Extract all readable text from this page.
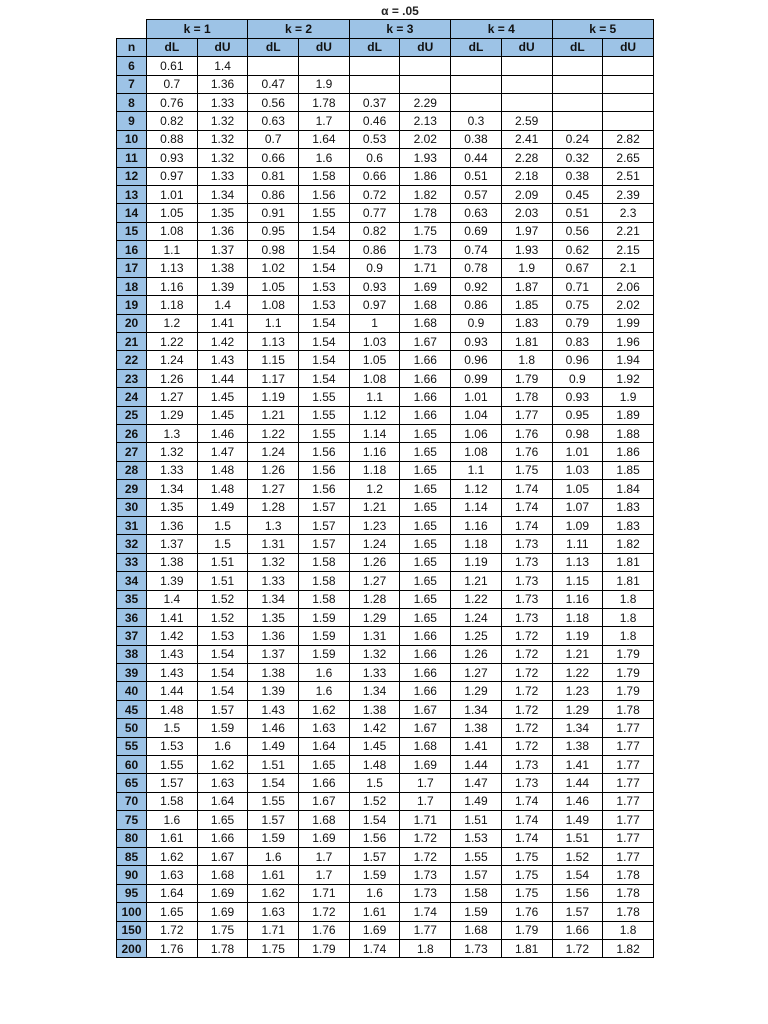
	α = .05									
	k = 1		k = 2		k = 3		k = 4		k = 5	
n	dL	dU	dL	dU	dL	dU	dL	dU	dL	dU
6	0.61	1.4								
7	0.7	1.36	0.47	1.9						
8	0.76	1.33	0.56	1.78	0.37	2.29				
9	0.82	1.32	0.63	1.7	0.46	2.13	0.3	2.59		
10	0.88	1.32	0.7	1.64	0.53	2.02	0.38	2.41	0.24	2.82
11	0.93	1.32	0.66	1.6	0.6	1.93	0.44	2.28	0.32	2.65
12	0.97	1.33	0.81	1.58	0.66	1.86	0.51	2.18	0.38	2.51
13	1.01	1.34	0.86	1.56	0.72	1.82	0.57	2.09	0.45	2.39
14	1.05	1.35	0.91	1.55	0.77	1.78	0.63	2.03	0.51	2.3
15	1.08	1.36	0.95	1.54	0.82	1.75	0.69	1.97	0.56	2.21
16	1.1	1.37	0.98	1.54	0.86	1.73	0.74	1.93	0.62	2.15
17	1.13	1.38	1.02	1.54	0.9	1.71	0.78	1.9	0.67	2.1
18	1.16	1.39	1.05	1.53	0.93	1.69	0.92	1.87	0.71	2.06
19	1.18	1.4	1.08	1.53	0.97	1.68	0.86	1.85	0.75	2.02
20	1.2	1.41	1.1	1.54	1	1.68	0.9	1.83	0.79	1.99
21	1.22	1.42	1.13	1.54	1.03	1.67	0.93	1.81	0.83	1.96
22	1.24	1.43	1.15	1.54	1.05	1.66	0.96	1.8	0.96	1.94
23	1.26	1.44	1.17	1.54	1.08	1.66	0.99	1.79	0.9	1.92
24	1.27	1.45	1.19	1.55	1.1	1.66	1.01	1.78	0.93	1.9
25	1.29	1.45	1.21	1.55	1.12	1.66	1.04	1.77	0.95	1.89
26	1.3	1.46	1.22	1.55	1.14	1.65	1.06	1.76	0.98	1.88
27	1.32	1.47	1.24	1.56	1.16	1.65	1.08	1.76	1.01	1.86
28	1.33	1.48	1.26	1.56	1.18	1.65	1.1	1.75	1.03	1.85
29	1.34	1.48	1.27	1.56	1.2	1.65	1.12	1.74	1.05	1.84
30	1.35	1.49	1.28	1.57	1.21	1.65	1.14	1.74	1.07	1.83
31	1.36	1.5	1.3	1.57	1.23	1.65	1.16	1.74	1.09	1.83
32	1.37	1.5	1.31	1.57	1.24	1.65	1.18	1.73	1.11	1.82
33	1.38	1.51	1.32	1.58	1.26	1.65	1.19	1.73	1.13	1.81
34	1.39	1.51	1.33	1.58	1.27	1.65	1.21	1.73	1.15	1.81
35	1.4	1.52	1.34	1.58	1.28	1.65	1.22	1.73	1.16	1.8
36	1.41	1.52	1.35	1.59	1.29	1.65	1.24	1.73	1.18	1.8
37	1.42	1.53	1.36	1.59	1.31	1.66	1.25	1.72	1.19	1.8
38	1.43	1.54	1.37	1.59	1.32	1.66	1.26	1.72	1.21	1.79
39	1.43	1.54	1.38	1.6	1.33	1.66	1.27	1.72	1.22	1.79
40	1.44	1.54	1.39	1.6	1.34	1.66	1.29	1.72	1.23	1.79
45	1.48	1.57	1.43	1.62	1.38	1.67	1.34	1.72	1.29	1.78
50	1.5	1.59	1.46	1.63	1.42	1.67	1.38	1.72	1.34	1.77
55	1.53	1.6	1.49	1.64	1.45	1.68	1.41	1.72	1.38	1.77
60	1.55	1.62	1.51	1.65	1.48	1.69	1.44	1.73	1.41	1.77
65	1.57	1.63	1.54	1.66	1.5	1.7	1.47	1.73	1.44	1.77
70	1.58	1.64	1.55	1.67	1.52	1.7	1.49	1.74	1.46	1.77
75	1.6	1.65	1.57	1.68	1.54	1.71	1.51	1.74	1.49	1.77
80	1.61	1.66	1.59	1.69	1.56	1.72	1.53	1.74	1.51	1.77
85	1.62	1.67	1.6	1.7	1.57	1.72	1.55	1.75	1.52	1.77
90	1.63	1.68	1.61	1.7	1.59	1.73	1.57	1.75	1.54	1.78
95	1.64	1.69	1.62	1.71	1.6	1.73	1.58	1.75	1.56	1.78
100	1.65	1.69	1.63	1.72	1.61	1.74	1.59	1.76	1.57	1.78
150	1.72	1.75	1.71	1.76	1.69	1.77	1.68	1.79	1.66	1.8
200	1.76	1.78	1.75	1.79	1.74	1.8	1.73	1.81	1.72	1.82
